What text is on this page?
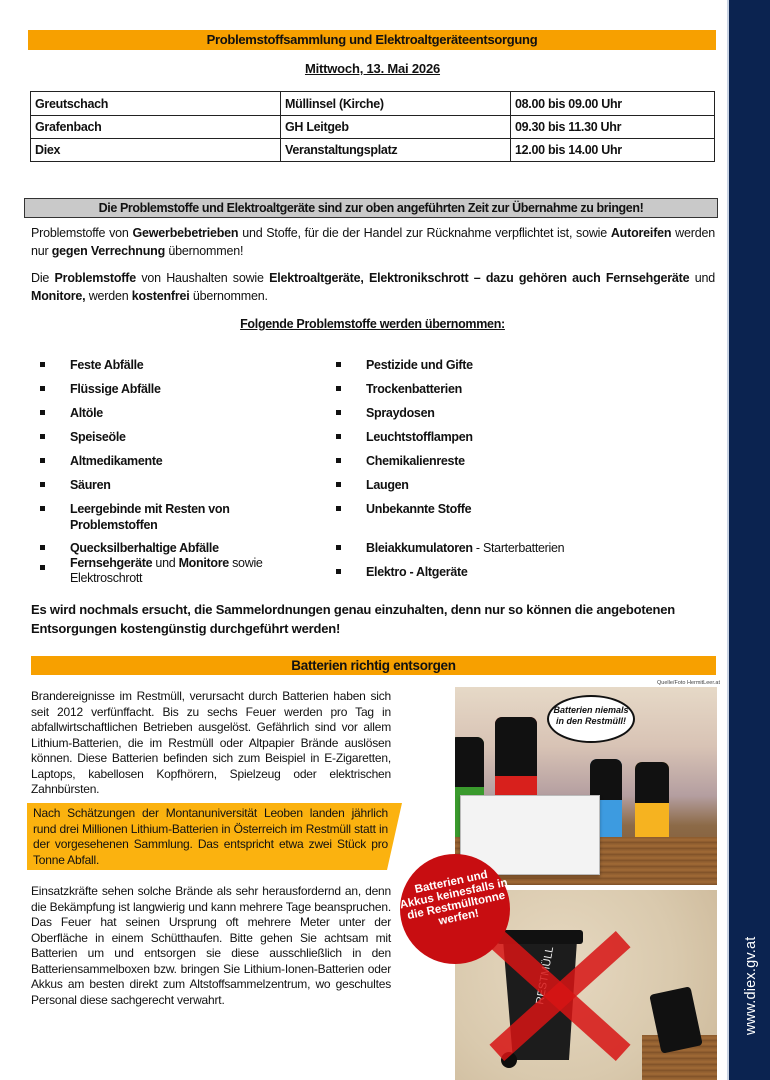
Problemstoffsammlung und Elektroaltgeräteentsorgung
Mittwoch, 13. Mai 2026
Greutschach	Müllinsel (Kirche)	08.00 bis 09.00 Uhr
Grafenbach	GH Leitgeb	09.30 bis 11.30 Uhr
Diex	Veranstaltungsplatz	12.00 bis 14.00 Uhr
Die Problemstoffe und Elektroaltgeräte sind zur oben angeführten Zeit zur Übernahme zu bringen!
Problemstoffe von Gewerbebetrieben und Stoffe, für die der Handel zur Rücknahme verpflichtet ist, sowie Autoreifen werden nur gegen Verrechnung übernommen!
Die Problemstoffe von Haushalten sowie Elektroaltgeräte, Elektronikschrott – dazu gehören auch Fernsehgeräte und Monitore, werden kostenfrei übernommen.
Folgende Problemstoffe werden übernommen:
Feste Abfälle
Flüssige Abfälle
Altöle
Speiseöle
Altmedikamente
Säuren
Leergebinde mit Resten von Problemstoffen
Quecksilberhaltige Abfälle
Fernsehgeräte und Monitore sowie Elektroschrott
Pestizide und Gifte
Trockenbatterien
Spraydosen
Leuchtstofflampen
Chemikalienreste
Laugen
Unbekannte Stoffe
Bleiakkumulatoren - Starterbatterien
Elektro - Altgeräte
Es wird nochmals ersucht, die Sammelordnungen genau einzuhalten, denn nur so können die angebotenen Entsorgungen kostengünstig durchgeführt werden!
Batterien richtig entsorgen
Quelle/Foto HermitLeer.at
Brandereignisse im Restmüll, verursacht durch Batterien haben sich seit 2012 verfünffacht. Bis zu sechs Feuer werden pro Tag in abfallwirtschaftlichen Betrieben ausgelöst. Gefährlich sind vor allem Lithium-Batterien, die im Restmüll oder Altpapier Brände auslösen können. Diese Batterien befinden sich zum Beispiel in E-Zigaretten, Laptops, kabellosen Kopfhörern, Spielzeug oder elektrischen Zahnbürsten.
Nach Schätzungen der Montanuniversität Leoben landen jährlich rund drei Millionen Lithium-Batterien in Österreich im Restmüll statt in der vorgesehenen Sammlung. Das entspricht etwa zwei Stück pro Tonne Abfall.
Einsatzkräfte sehen solche Brände als sehr herausfordernd an, denn die Bekämpfung ist langwierig und kann mehrere Tage beanspruchen. Das Feuer hat seinen Ursprung oft mehrere Meter unter der Oberfläche in einem Schütthaufen. Bitte gehen Sie achtsam mit Batterien um und entsorgen sie diese ausschließlich in den Batteriensammelboxen bzw. bringen Sie Lithium-Ionen-Batterien oder Akkus am besten direkt zum Altstoffsammelzentrum, wo geschultes Personal diese sachgerecht verwahrt.
Batterien niemals in den Restmüll!
Batterien und Akkus keinesfalls in die Restmülltonne werfen!
www.diex.gv.at
